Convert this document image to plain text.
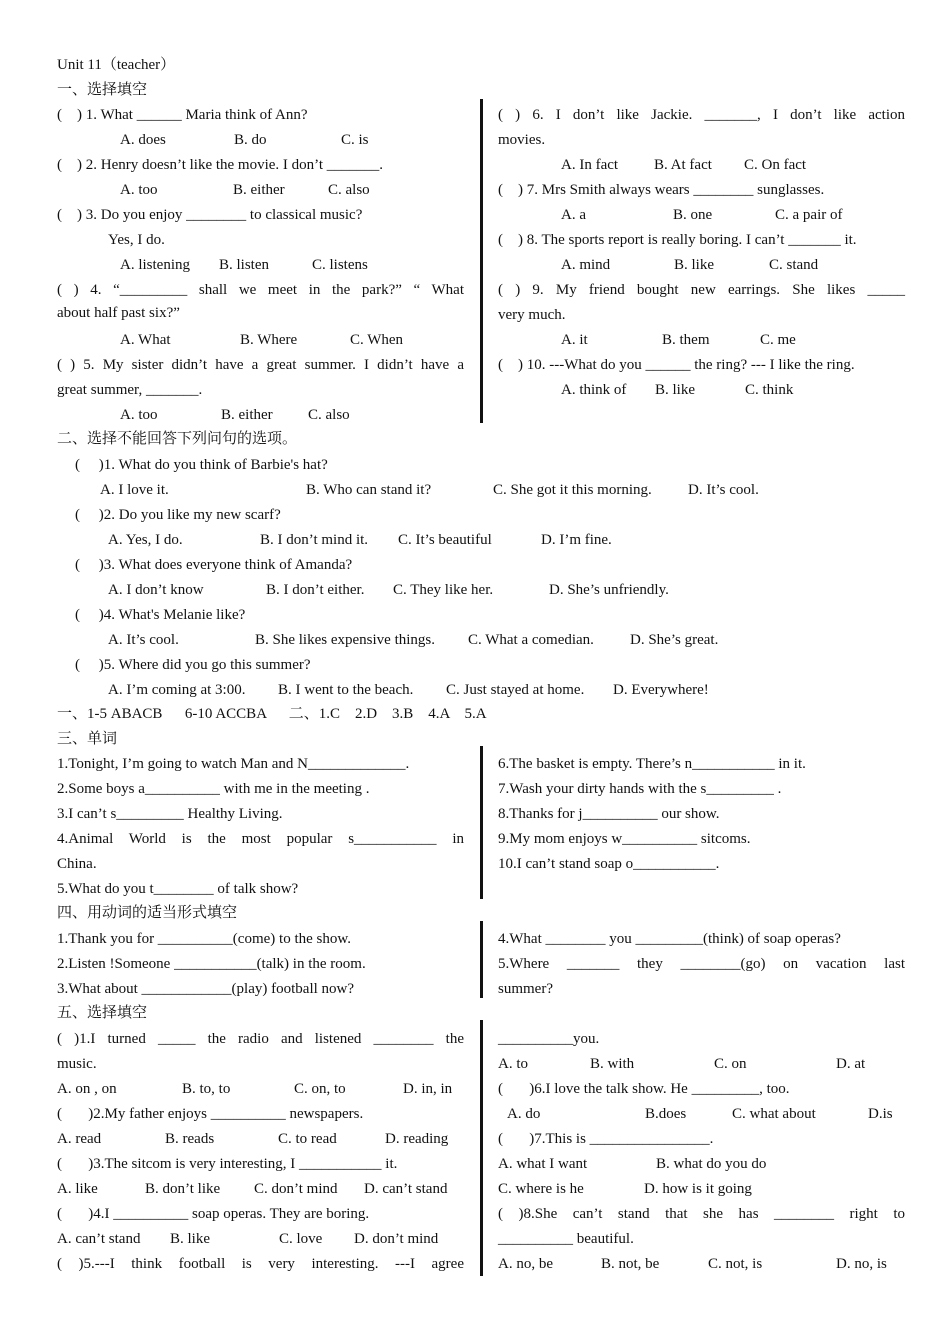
Unit 11（teacher）
一、选择填空
(    ) 1. What ______ Maria think of Ann?
A. does	B. do	C. is
(    ) 2. Henry doesn’t like the movie. I don’t _______.
A. too	B. either	C. also
(    ) 3. Do you enjoy ________ to classical music?
Yes, I do.
A. listening B. listen	C. listens
( ) 4. “_________ shall we meet in the park?” “ What
about half past six?”
A. What	B. Where	C. When
( ) 5. My sister didn’t have a great summer. I didn’t have a
great summer, _______.
A. too	B. either C. also
( ) 6. I don’t like Jackie. _______, I don’t like action
movies.
A. In fact B. At fact C. On fact
(    ) 7. Mrs Smith always wears ________ sunglasses.
A. a	B. one	C. a pair of
(    ) 8. The sports report is really boring. I can’t _______ it.
A. mind	B. like	C. stand
( ) 9. My friend bought new earrings. She likes _____
very much.
A. it	B. them	C. me
(    ) 10. ---What do you ______ the ring? --- I like the ring.
A. think of B. like	C. think
二、选择不能回答下列问句的选项。
(     )1. What do you think of Barbie's hat?
A. I love it.	B. Who can stand it?	C. She got it this morning. D. It’s cool.
(     )2. Do you like my new scarf?
A. Yes, I do.	B. I don’t mind it. C. It’s beautiful	D. I’m fine.
(     )3. What does everyone think of Amanda?
A. I don’t know	B. I don’t either. C. They like her.	D. She’s unfriendly.
(     )4. What's Melanie like?
A. It’s cool.	B. She likes expensive things. C. What a comedian. D. She’s great.
(     )5. Where did you go this summer?
A. I’m coming at 3:00. B. I went to the beach. C. Just stayed at home. D. Everywhere!
一、1-5 ABACB      6-10 ACCBA      二、1.C    2.D    3.B    4.A    5.A
三、单词
1.Tonight, I’m going to watch Man and N_____________.
2.Some boys a__________ with me in the meeting .
3.I can’t s_________ Healthy Living.
4.Animal World is the most popular s___________ in
China.
5.What do you t________ of talk show?
6.The basket is empty. There’s n___________ in it.
7.Wash your dirty hands with the s_________ .
8.Thanks for j__________ our show.
9.My mom enjoys w__________ sitcoms.
10.I can’t stand soap o___________.
四、用动词的适当形式填空
1.Thank you for __________(come) to the show.
2.Listen !Someone ___________(talk) in the room.
3.What about ____________(play) football now?
4.What ________ you _________(think) of soap operas?
5.Where _______ they ________(go) on vacation last
summer?
五、选择填空
( )1.I turned _____ the radio and listened ________ the
music.
A. on , on	B. to, to	C. on, to	D. in, in
(       )2.My father enjoys __________ newspapers.
A. read	B. reads	C. to read	D. reading
(       )3.The sitcom is very interesting, I ___________ it.
A. like	B. don’t like C. don’t mind D. can’t stand
(       )4.I __________ soap operas. They are boring.
A. can’t stand B. like	C. love D. don’t mind
( )5.---I think football is very interesting. ---I agree
__________you.
A. to	B. with	C. on	D. at
(       )6.I love the talk show. He _________, too.
A. do	B.does	C. what about	D.is
(       )7.This is ________________.
A. what I want	B. what do you do
C. where is he	D. how is it going
( )8.She can’t stand that she has ________ right to
__________ beautiful.
A. no, be	B. not, be	C. not, is	D. no, is
